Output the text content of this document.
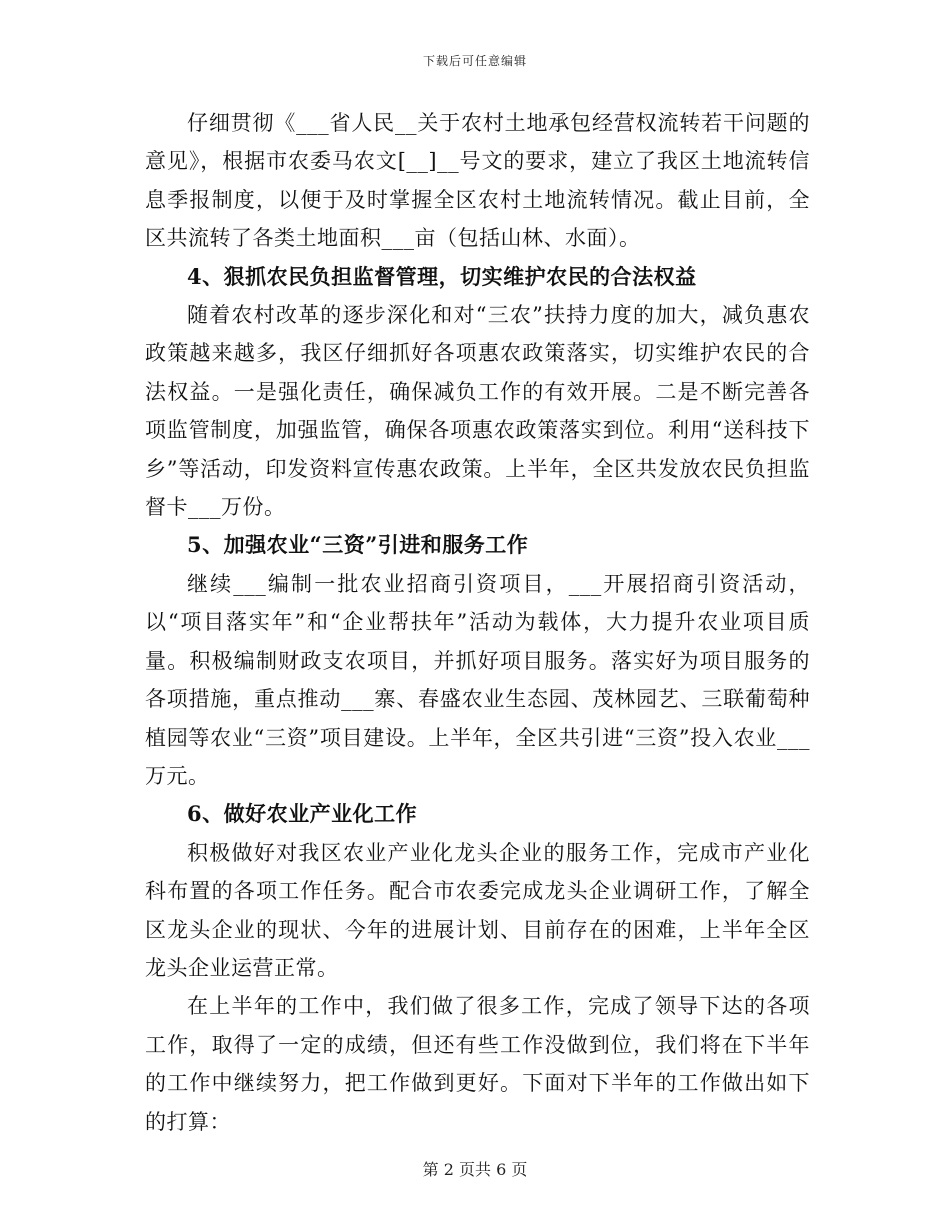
下载后可任意编辑

仔细贯彻《___省人民__关于农村土地承包经营权流转若干问题的意见》，根据市农委马农文[__]__号文的要求，建立了我区土地流转信息季报制度，以便于及时掌握全区农村土地流转情况。截止目前，全区共流转了各类土地面积___亩（包括山林、水面）。

4、狠抓农民负担监督管理，切实维护农民的合法权益

随着农村改革的逐步深化和对“三农”扶持力度的加大，减负惠农政策越来越多，我区仔细抓好各项惠农政策落实，切实维护农民的合法权益。一是强化责任，确保减负工作的有效开展。二是不断完善各项监管制度，加强监管，确保各项惠农政策落实到位。利用“送科技下乡”等活动，印发资料宣传惠农政策。上半年，全区共发放农民负担监督卡___万份。

5、加强农业“三资”引进和服务工作

继续___编制一批农业招商引资项目，___开展招商引资活动，以“项目落实年”和“企业帮扶年”活动为载体，大力提升农业项目质量。积极编制财政支农项目，并抓好项目服务。落实好为项目服务的各项措施，重点推动___寨、春盛农业生态园、茂林园艺、三联葡萄种植园等农业“三资”项目建设。上半年，全区共引进“三资”投入农业___万元。

6、做好农业产业化工作

积极做好对我区农业产业化龙头企业的服务工作，完成市产业化科布置的各项工作任务。配合市农委完成龙头企业调研工作，了解全区龙头企业的现状、今年的进展计划、目前存在的困难，上半年全区龙头企业运营正常。

在上半年的工作中，我们做了很多工作，完成了领导下达的各项工作，取得了一定的成绩，但还有些工作没做到位，我们将在下半年的工作中继续努力，把工作做到更好。下面对下半年的工作做出如下的打算：

第 2 页共 6 页
